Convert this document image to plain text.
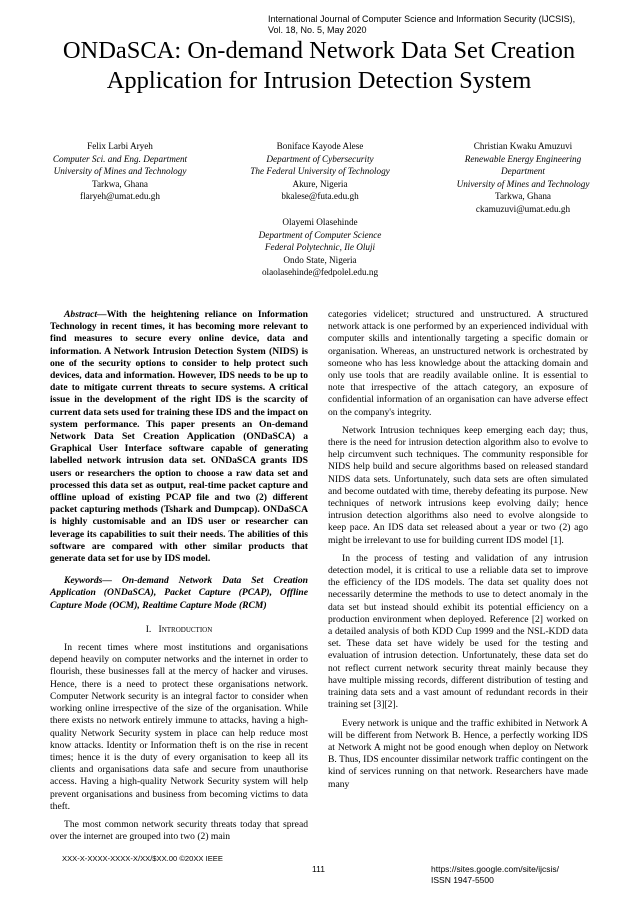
International Journal of Computer Science and Information Security (IJCSIS),
Vol. 18, No. 5, May 2020
ONDaSCA: On-demand Network Data Set Creation
Application for Intrusion Detection System
Felix Larbi Aryeh
Computer Sci. and Eng. Department
University of Mines and Technology
Tarkwa, Ghana
flaryeh@umat.edu.gh
Boniface Kayode Alese
Department of Cybersecurity
The Federal University of Technology
Akure, Nigeria
bkalese@futa.edu.gh
Christian Kwaku Amuzuvi
Renewable Energy Engineering
Department
University of Mines and Technology
Tarkwa, Ghana
ckamuzuvi@umat.edu.gh
Olayemi Olasehinde
Department of Computer Science
Federal Polytechnic, Ile Oluji
Ondo State, Nigeria
olaolasehinde@fedpolel.edu.ng

Abstract—With the heightening reliance on Information Technology in recent times, it has becoming more relevant to find measures to secure every online device, data and information. A Network Intrusion Detection System (NIDS) is one of the security options to consider to help protect such devices, data and information. However, IDS needs to be up to date to mitigate current threats to secure systems. A critical issue in the development of the right IDS is the scarcity of current data sets used for training these IDS and the impact on system performance. This paper presents an On-demand Network Data Set Creation Application (ONDaSCA) a Graphical User Interface software capable of generating labelled network intrusion data set. ONDaSCA grants IDS users or researchers the option to choose a raw data set and processed this data set as output, real-time packet capture and offline upload of existing PCAP file and two (2) different packet capturing methods (Tshark and Dumpcap). ONDaSCA is highly customisable and an IDS user or researcher can leverage its capabilities to suit their needs. The abilities of this software are compared with other similar products that generate data set for use by IDS model.

Keywords— On-demand Network Data Set Creation Application (ONDaSCA), Packet Capture (PCAP), Offline Capture Mode (OCM), Realtime Capture Mode (RCM)

I. Introduction

In recent times where most institutions and organisations depend heavily on computer networks and the internet in order to flourish, these businesses fall at the mercy of hacker and viruses. Hence, there is a need to protect these organisations network. Computer Network security is an integral factor to consider when working online irrespective of the size of the organisation. While there exists no network entirely immune to attacks, having a high-quality Network Security system in place can help reduce most know attacks. Identity or Information theft is on the rise in recent times; hence it is the duty of every organisation to keep all its clients and organisations data safe and secure from unauthorise access. Having a high-quality Network Security system will help prevent organisations and business from becoming victims to data theft.

The most common network security threats today that spread over the internet are grouped into two (2) main

categories videlicet; structured and unstructured. A structured network attack is one performed by an experienced individual with computer skills and intentionally targeting a specific domain or organisation. Whereas, an unstructured network is orchestrated by someone who has less knowledge about the attacking domain and only use tools that are readily available online. It is essential to note that irrespective of the attach category, an exposure of confidential information of an organisation can have adverse effect on the company's integrity.

Network Intrusion techniques keep emerging each day; thus, there is the need for intrusion detection algorithm also to evolve to help circumvent such techniques. The community responsible for NIDS help build and secure algorithms based on released standard NIDS data sets. Unfortunately, such data sets are often simulated and become outdated with time, thereby defeating its purpose. New techniques of network intrusions keep evolving daily; hence intrusion detection algorithms also need to evolve alongside to keep pace. An IDS data set released about a year or two (2) ago might be irrelevant to use for building current IDS model [1].

In the process of testing and validation of any intrusion detection model, it is critical to use a reliable data set to improve the efficiency of the IDS models. The data set quality does not necessarily determine the methods to use to detect anomaly in the data set but instead should exhibit its potential efficiency on a production environment when deployed. Reference [2] worked on a detailed analysis of both KDD Cup 1999 and the NSL-KDD data set. These data set have widely be used for the testing and evaluation of intrusion detection. Unfortunately, these data set do not reflect current network security threat mainly because they have multiple missing records, different distribution of testing and training data sets and a vast amount of redundant records in their training set [3][2].

Every network is unique and the traffic exhibited in Network A will be different from Network B. Hence, a perfectly working IDS at Network A might not be good enough when deploy on Network B. Thus, IDS encounter dissimilar network traffic contingent on the kind of services running on that network. Researchers have made many

XXX-X-XXXX-XXXX-X/XX/$XX.00 ©20XX IEEE
111	https://sites.google.com/site/ijcsis/
ISSN 1947-5500
